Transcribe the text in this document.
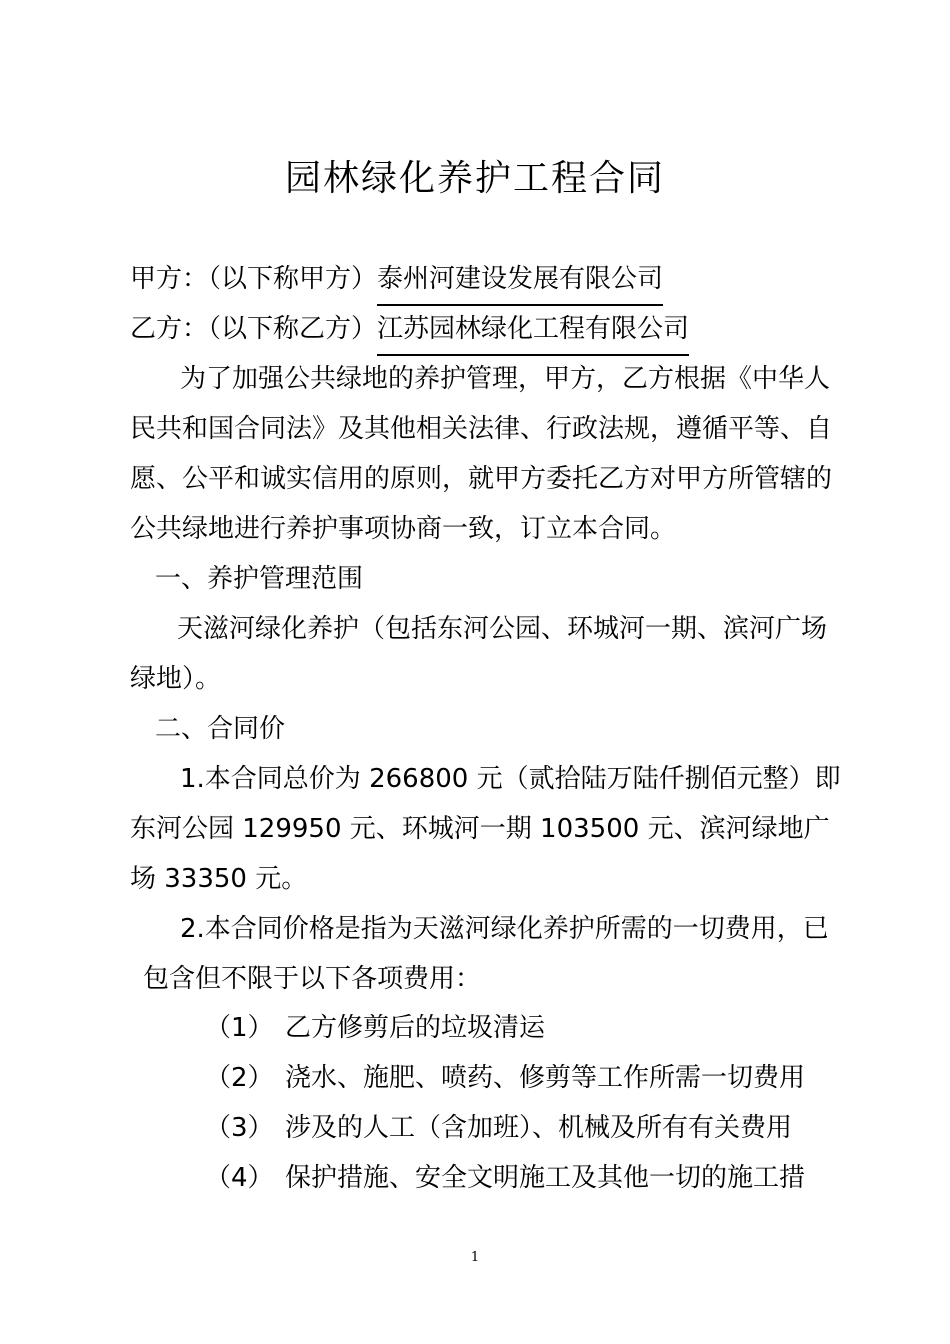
园林绿化养护工程合同
甲方：（以下称甲方）泰州河建设发展有限公司
乙方：（以下称乙方）江苏园林绿化工程有限公司
为了加强公共绿地的养护管理，甲方，乙方根据《中华人
民共和国合同法》及其他相关法律、行政法规，遵循平等、自
愿、公平和诚实信用的原则，就甲方委托乙方对甲方所管辖的
公共绿地进行养护事项协商一致，订立本合同。
一、养护管理范围
天滋河绿化养护（包括东河公园、环城河一期、滨河广场
绿地）。
二、合同价
1.本合同总价为 266800 元（贰拾陆万陆仟捌佰元整）即
东河公园 129950 元、环城河一期 103500 元、滨河绿地广
场 33350 元。
2.本合同价格是指为天滋河绿化养护所需的一切费用，已
包含但不限于以下各项费用：
（1） 乙方修剪后的垃圾清运
（2） 浇水、施肥、喷药、修剪等工作所需一切费用
（3） 涉及的人工（含加班）、机械及所有有关费用
（4） 保护措施、安全文明施工及其他一切的施工措
1
